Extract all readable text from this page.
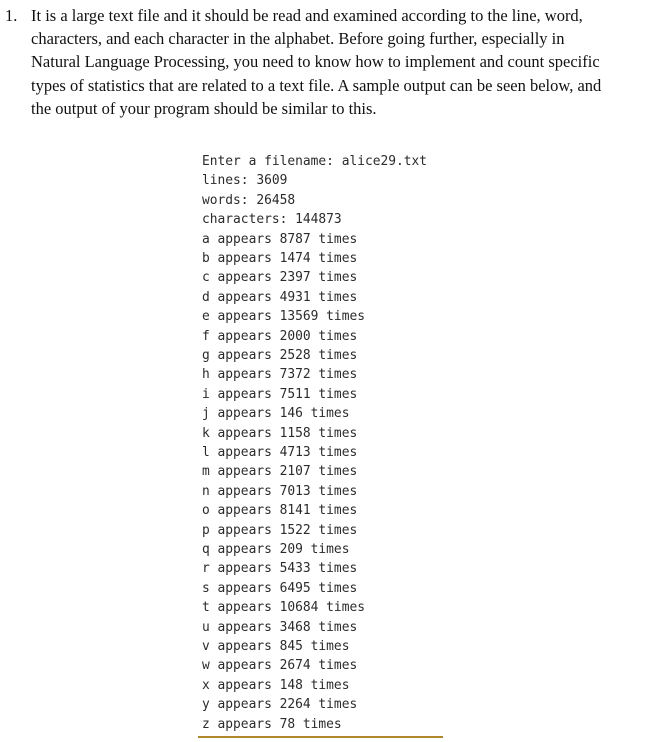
1. It is a large text file and it should be read and examined according to the line, word,
characters, and each character in the alphabet. Before going further, especially in
Natural Language Processing, you need to know how to implement and count specific
types of statistics that are related to a text file. A sample output can be seen below, and
the output of your program should be similar to this.
Enter a filename: alice29.txt
lines: 3609
words: 26458
characters: 144873
a appears 8787 times
b appears 1474 times
c appears 2397 times
d appears 4931 times
e appears 13569 times
f appears 2000 times
g appears 2528 times
h appears 7372 times
i appears 7511 times
j appears 146 times
k appears 1158 times
l appears 4713 times
m appears 2107 times
n appears 7013 times
o appears 8141 times
p appears 1522 times
q appears 209 times
r appears 5433 times
s appears 6495 times
t appears 10684 times
u appears 3468 times
v appears 845 times
w appears 2674 times
x appears 148 times
y appears 2264 times
z appears 78 times
